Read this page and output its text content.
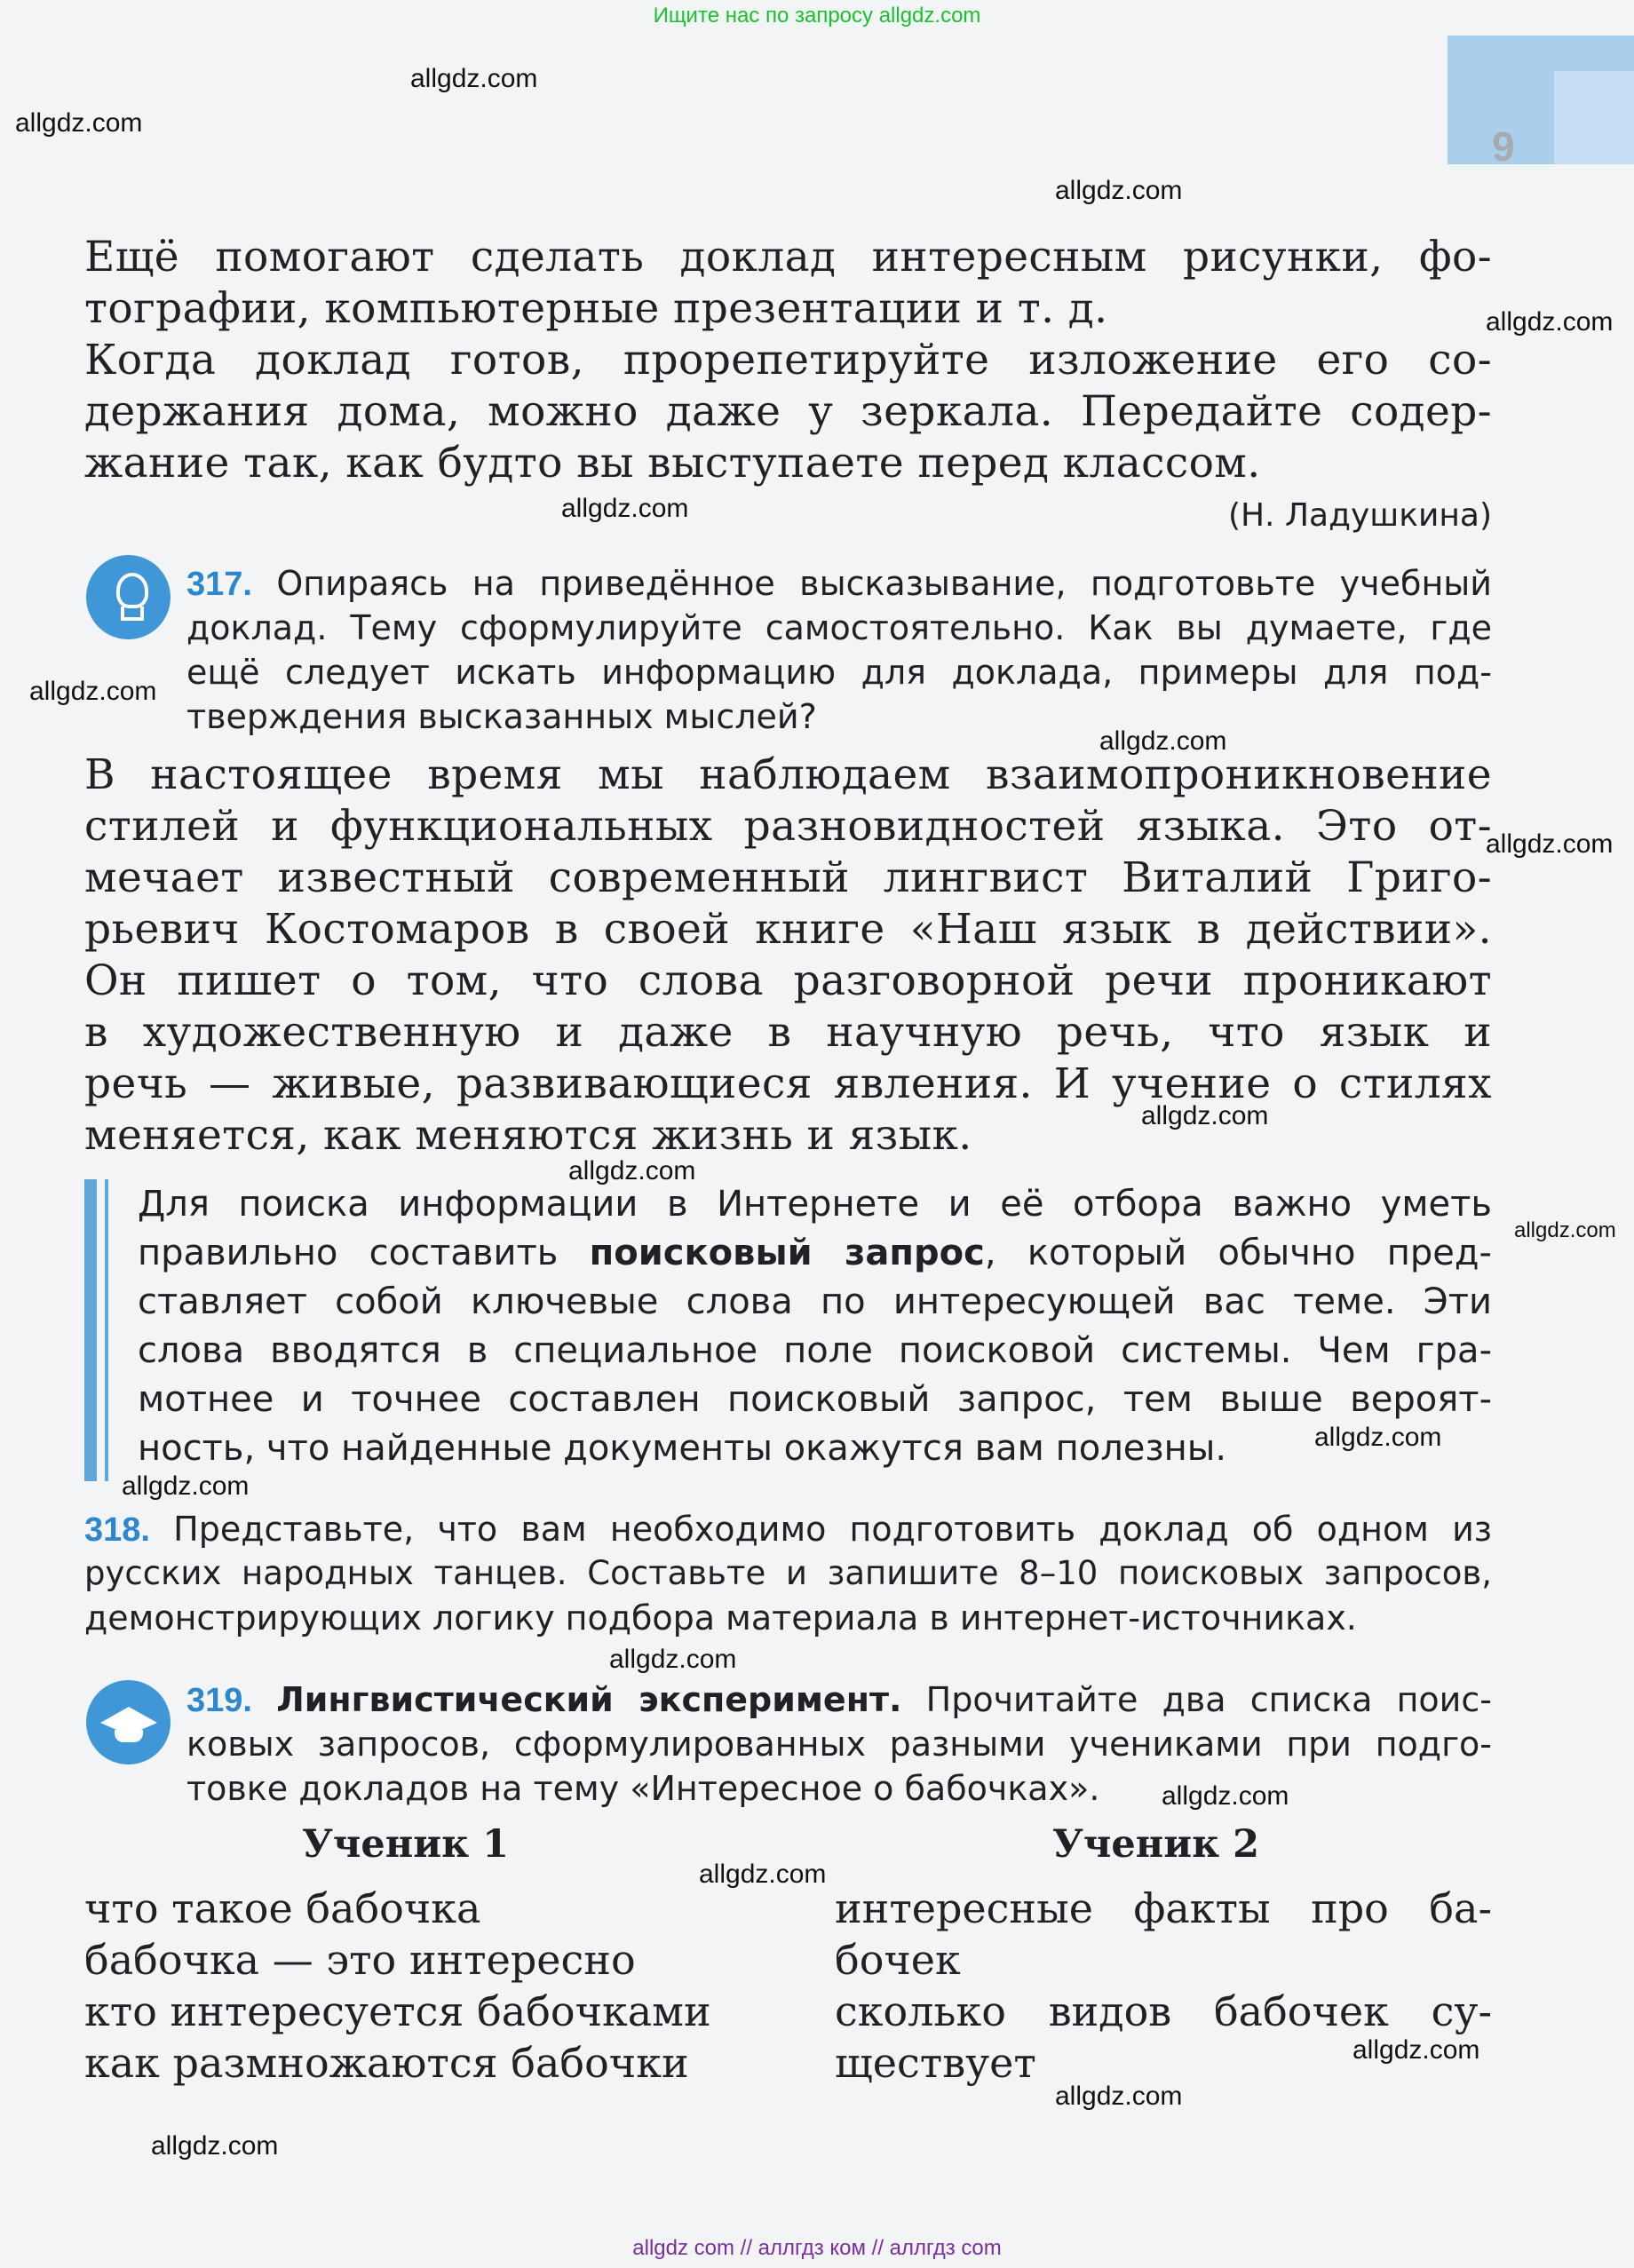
Ищите нас по запросу allgdz.com
9
Ещё помогают сделать доклад интересным рисунки, фо-
тографии, компьютерные презентации и т. д.
Когда доклад готов, прорепетируйте изложение его со-
держания дома, можно даже у зеркала. Передайте содер-
жание так, как будто вы выступаете перед классом.
(Н. Ладушкина)
317. Опираясь на приведённое высказывание, подготовьте учебный
доклад. Тему сформулируйте самостоятельно. Как вы думаете, где
ещё следует искать информацию для доклада, примеры для под-
тверждения высказанных мыслей?
В настоящее время мы наблюдаем взаимопроникновение
стилей и функциональных разновидностей языка. Это от-
мечает известный современный лингвист Виталий Григо-
рьевич Костомаров в своей книге «Наш язык в действии».
Он пишет о том, что слова разговорной речи проникают
в художественную и даже в научную речь, что язык и
речь — живые, развивающиеся явления. И учение о стилях
меняется, как меняются жизнь и язык.
Для поиска информации в Интернете и её отбора важно уметь
правильно составить поисковый запрос, который обычно пред-
ставляет собой ключевые слова по интересующей вас теме. Эти
слова вводятся в специальное поле поисковой системы. Чем гра-
мотнее и точнее составлен поисковый запрос, тем выше вероят-
ность, что найденные документы окажутся вам полезны.
318. Представьте, что вам необходимо подготовить доклад об одном из
русских народных танцев. Составьте и запишите 8–10 поисковых запросов,
демонстрирующих логику подбора материала в интернет-источниках.
319. Лингвистический эксперимент. Прочитайте два списка поис-
ковых запросов, сформулированных разными учениками при подго-
товке докладов на тему «Интересное о бабочках».
Ученик 1	Ученик 2
что такое бабочка
бабочка — это интересно
кто интересуется бабочками
как размножаются бабочки
интересные факты про ба-
бочек
сколько видов бабочек су-
ществует
allgdz.com
allgdz.com
allgdz.com
allgdz.com
allgdz.com
allgdz.com
allgdz.com
allgdz.com
allgdz.com
allgdz.com
allgdz.com
allgdz.com
allgdz.com
allgdz.com
allgdz.com
allgdz.com
allgdz.com
allgdz.com
allgdz.com
allgdz com // аллгдз ком // аллгдз com
